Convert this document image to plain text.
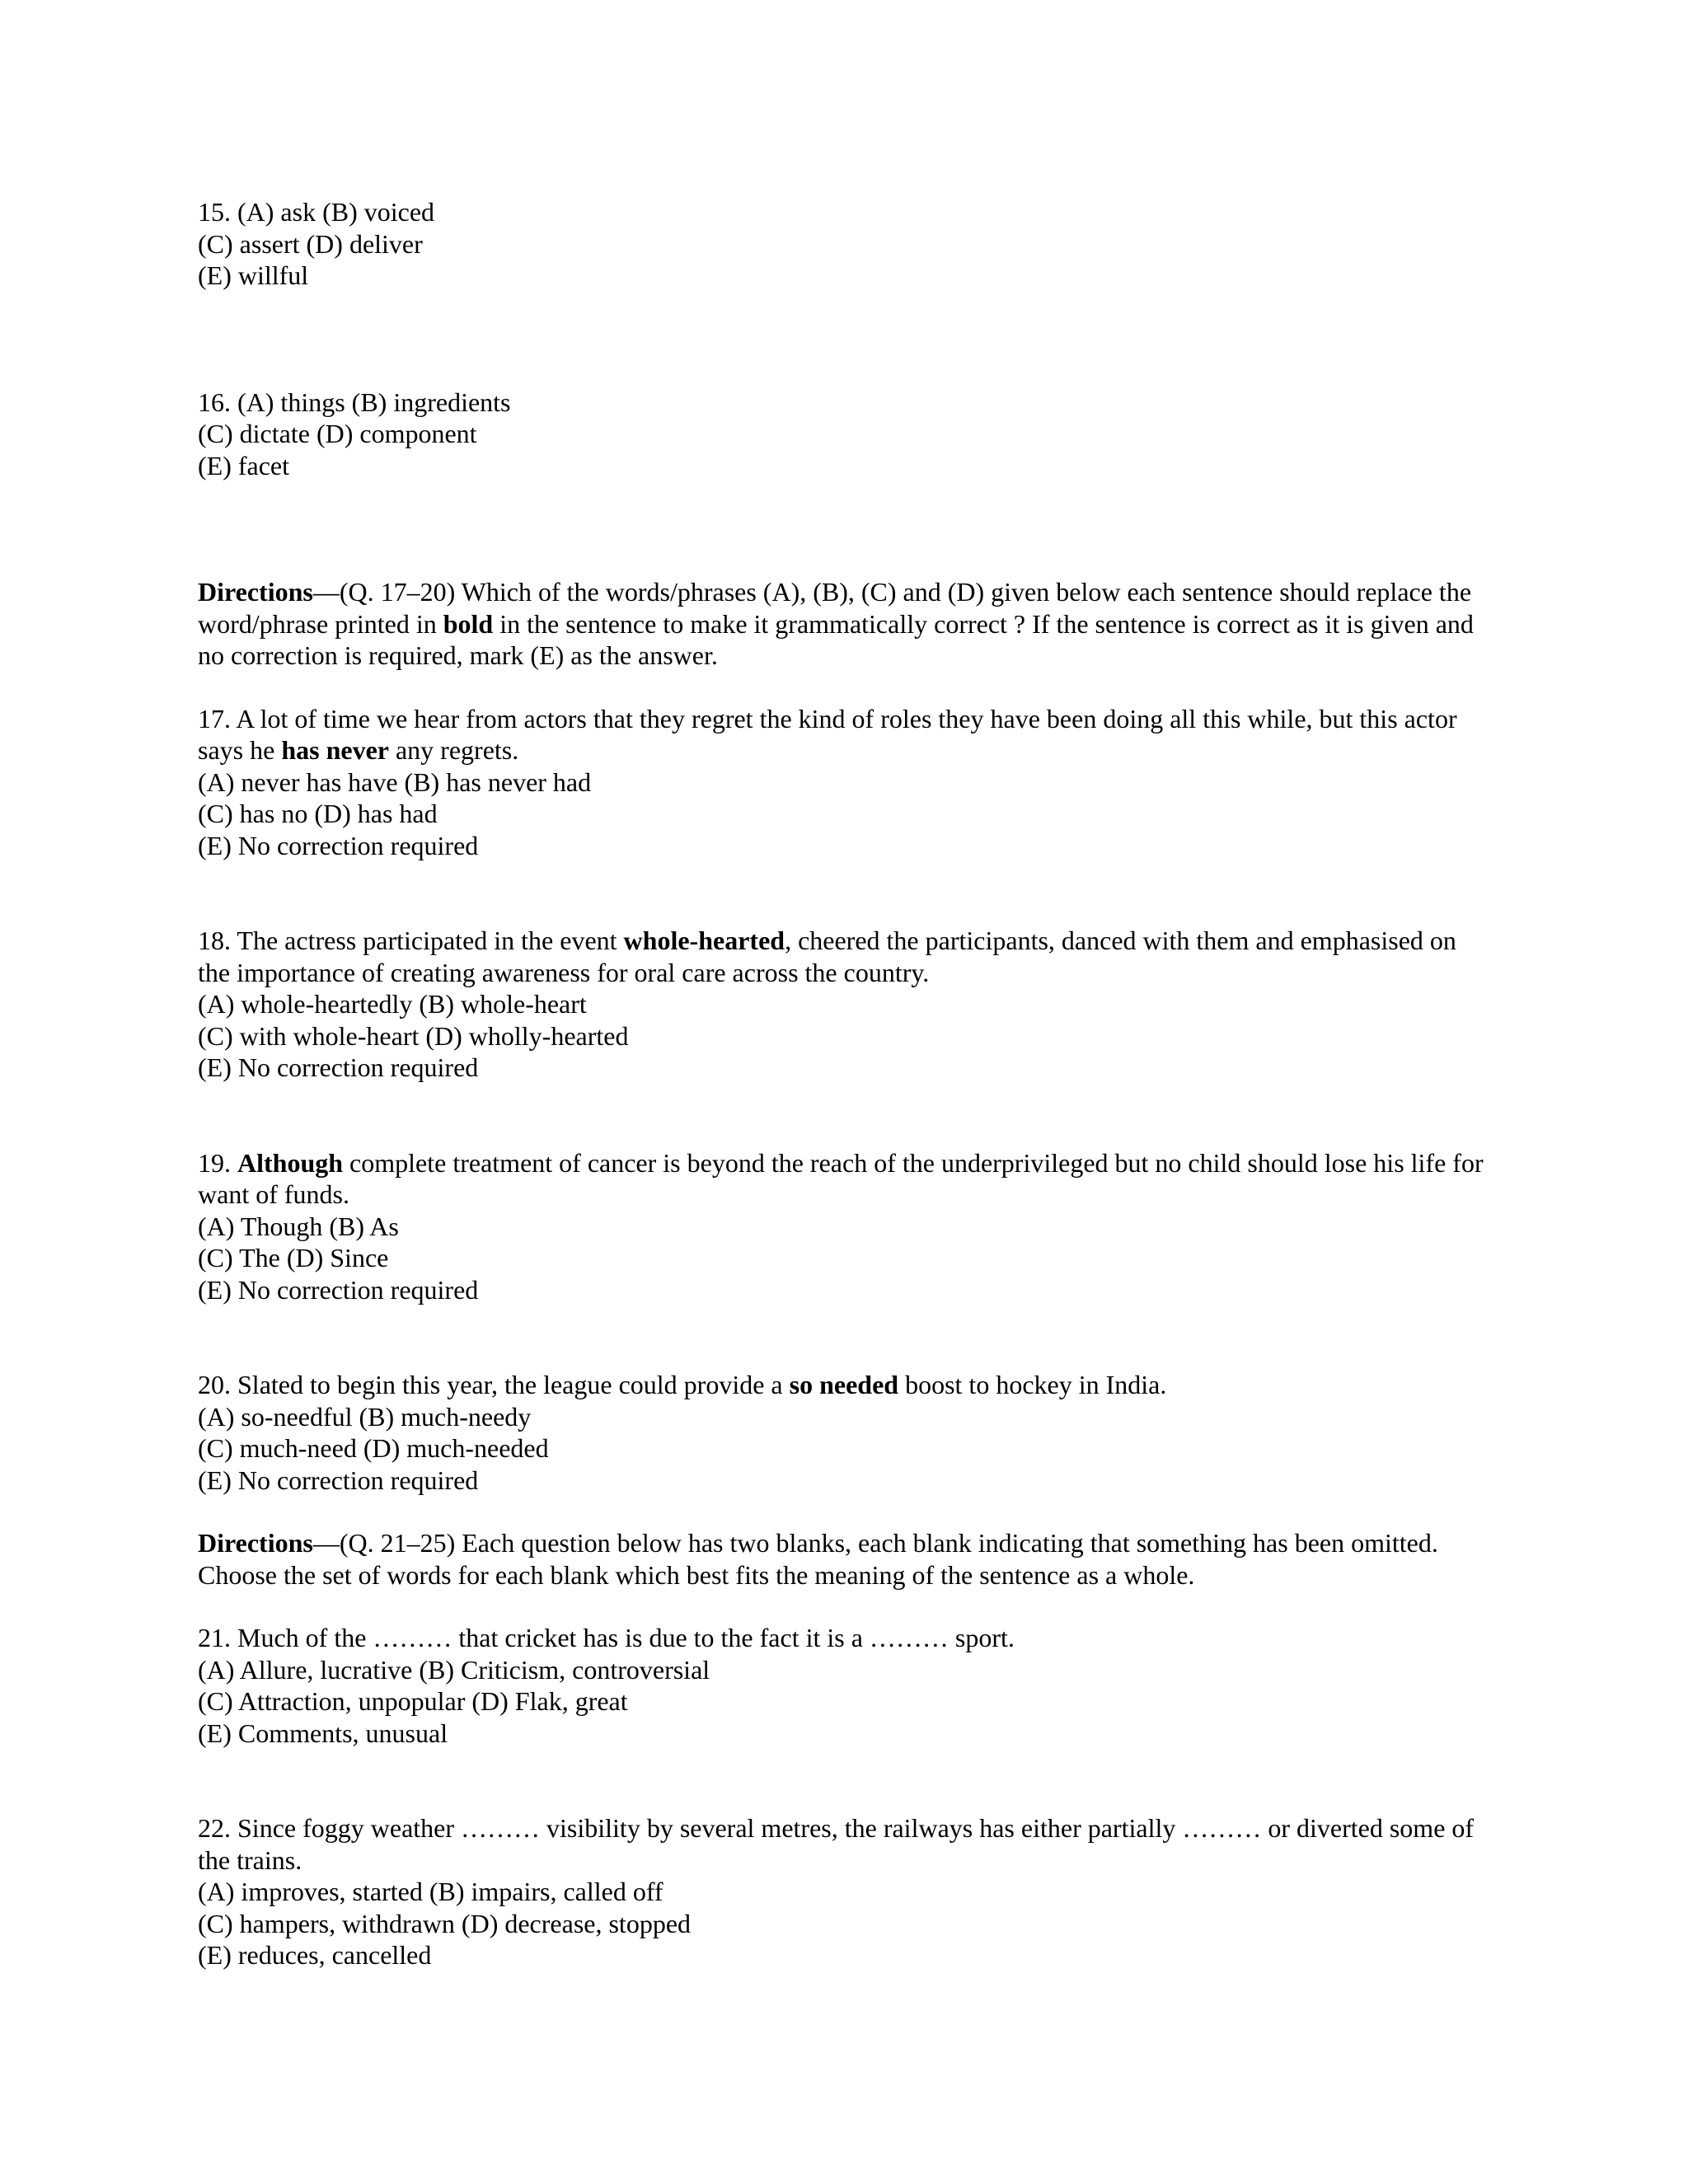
15. (A) ask (B) voiced
(C) assert (D) deliver
(E) willful
16. (A) things (B) ingredients
(C) dictate (D) component
(E) facet
Directions—(Q. 17–20) Which of the words/phrases (A), (B), (C) and (D) given below each sentence should replace the word/phrase printed in bold in the sentence to make it grammatically correct ? If the sentence is correct as it is given and no correction is required, mark (E) as the answer.
17. A lot of time we hear from actors that they regret the kind of roles they have been doing all this while, but this actor says he has never any regrets.
(A) never has have (B) has never had
(C) has no (D) has had
(E) No correction required
18. The actress participated in the event whole-hearted, cheered the participants, danced with them and emphasised on the importance of creating awareness for oral care across the country.
(A) whole-heartedly (B) whole-heart
(C) with whole-heart (D) wholly-hearted
(E) No correction required
19. Although complete treatment of cancer is beyond the reach of the underprivileged but no child should lose his life for want of funds.
(A) Though (B) As
(C) The (D) Since
(E) No correction required
20. Slated to begin this year, the league could provide a so needed boost to hockey in India.
(A) so-needful (B) much-needy
(C) much-need (D) much-needed
(E) No correction required
Directions—(Q. 21–25) Each question below has two blanks, each blank indicating that something has been omitted. Choose the set of words for each blank which best fits the meaning of the sentence as a whole.
21. Much of the ……… that cricket has is due to the fact it is a ……… sport.
(A) Allure, lucrative (B) Criticism, controversial
(C) Attraction, unpopular (D) Flak, great
(E) Comments, unusual
22. Since foggy weather ……… visibility by several metres, the railways has either partially ……… or diverted some of the trains.
(A) improves, started (B) impairs, called off
(C) hampers, withdrawn (D) decrease, stopped
(E) reduces, cancelled
